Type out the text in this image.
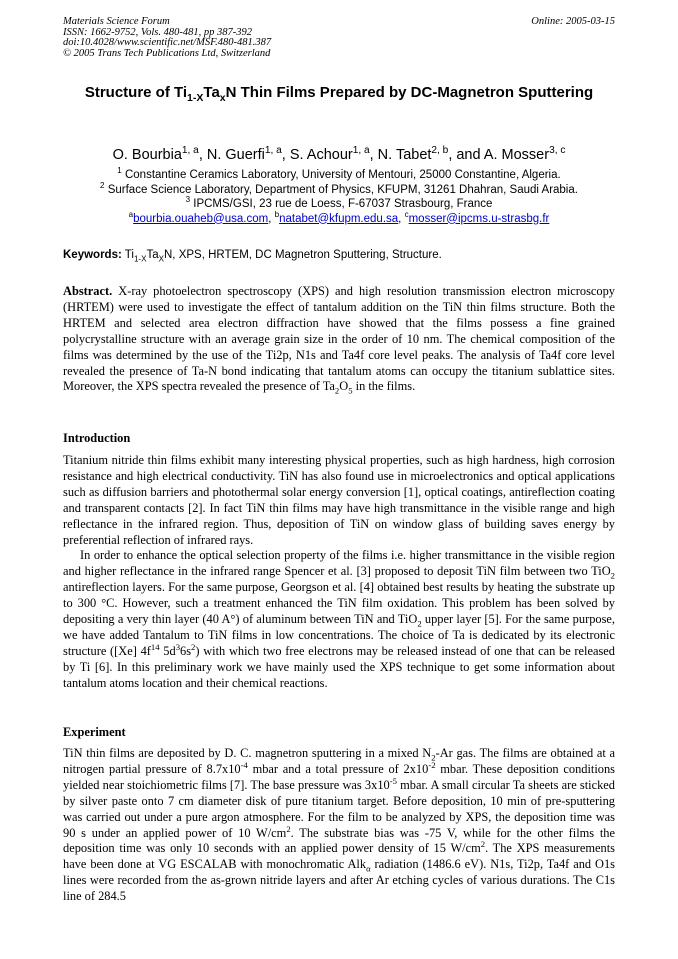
Materials Science Forum
ISSN: 1662-9752, Vols. 480-481, pp 387-392
doi:10.4028/www.scientific.net/MSF.480-481.387
© 2005 Trans Tech Publications Ltd, Switzerland
Online: 2005-03-15
Structure of $Ti_{1-X}Ta_xN$ Thin Films Prepared by DC-Magnetron Sputtering
O. Bourbia$^{1, a}$, N. Guerfi$^{1, a}$, S. Achour$^{1, a}$, N. Tabet$^{2, b}$, and A. Mosser$^{3, c}$
$^1$ Constantine Ceramics Laboratory, University of Mentouri, 25000 Constantine, Algeria.
$^2$ Surface Science Laboratory, Department of Physics, KFUPM, 31261 Dhahran, Saudi Arabia.
$^3$ IPCMS/GSI, 23 rue de Loess, F-67037 Strasbourg, France
$^a$bourbia.ouaheb@usa.com, $^b$natabet@kfupm.edu.sa, $^c$mosser@ipcms.u-strasbg.fr
Keywords: $Ti_{1-X}Ta_XN$, XPS, HRTEM, DC Magnetron Sputtering, Structure.
Abstract. X-ray photoelectron spectroscopy (XPS) and high resolution transmission electron microscopy (HRTEM) were used to investigate the effect of tantalum addition on the TiN thin films structure. Both the HRTEM and selected area electron diffraction have showed that the films possess a fine grained polycrystalline structure with an average grain size in the order of 10 nm. The chemical composition of the films was determined by the use of the Ti2p, N1s and Ta4f core level peaks. The analysis of Ta4f core level revealed the presence of Ta-N bond indicating that tantalum atoms can occupy the titanium sublattice sites. Moreover, the XPS spectra revealed the presence of $Ta_2O_5$ in the films.
Introduction

Titanium nitride thin films exhibit many interesting physical properties, such as high hardness, high corrosion resistance and high electrical conductivity. TiN has also found use in microelectronics and optical applications such as diffusion barriers and photothermal solar energy conversion [1], optical coatings, antireflection coating and transparent contacts [2]. In fact TiN thin films may have high transmittance in the visible range and high reflectance in the infrared region. Thus, deposition of TiN on window glass of building saves energy by preferential reflection of infrared rays.

In order to enhance the optical selection property of the films i.e. higher transmittance in the visible region and higher reflectance in the infrared range Spencer et al. [3] proposed to deposit TiN film between two TiO$_2$ antireflection layers. For the same purpose, Georgson et al. [4] obtained best results by heating the substrate up to 300 °C. However, such a treatment enhanced the TiN film oxidation. This problem has been solved by depositing a very thin layer (40 A°) of aluminum between TiN and TiO$_2$ upper layer [5]. For the same purpose, we have added Tantalum to TiN films in low concentrations. The choice of Ta is dedicated by its electronic structure ([Xe] $4f^{14}$ $5d^36s^2$) with which two free electrons may be released instead of one that can be released by Ti [6]. In this preliminary work we have mainly used the XPS technique to get some information about tantalum atoms location and their chemical reactions.

Experiment

TiN thin films are deposited by D. C. magnetron sputtering in a mixed $N_2-Ar$ gas. The films are obtained at a nitrogen partial pressure of $8.7x10^{-4}$ mbar and a total pressure of $2x10^{-2}$ mbar. These deposition conditions yielded near stoichiometric films [7]. The base pressure was $3x10^{-5}$ mbar. A small circular Ta sheets are sticked by silver paste onto 7 cm diameter disk of pure titanium target. Before deposition, 10 min of pre-sputtering was carried out under a pure argon atmosphere. For the film to be analyzed by XPS, the deposition time was 90 s under an applied power of 10 $W/cm^2$. The substrate bias was -75 V, while for the other films the deposition time was only 10 seconds with an applied power density of 15 $W/cm^2$. The XPS measurements have been done at VG ESCALAB with monochromatic Alk$_\alpha$ radiation (1486.6 eV). N1s, Ti2p, Ta4f and O1s lines were recorded from the as-grown nitride layers and after Ar etching cycles of various durations. The C1s line of 284.5
